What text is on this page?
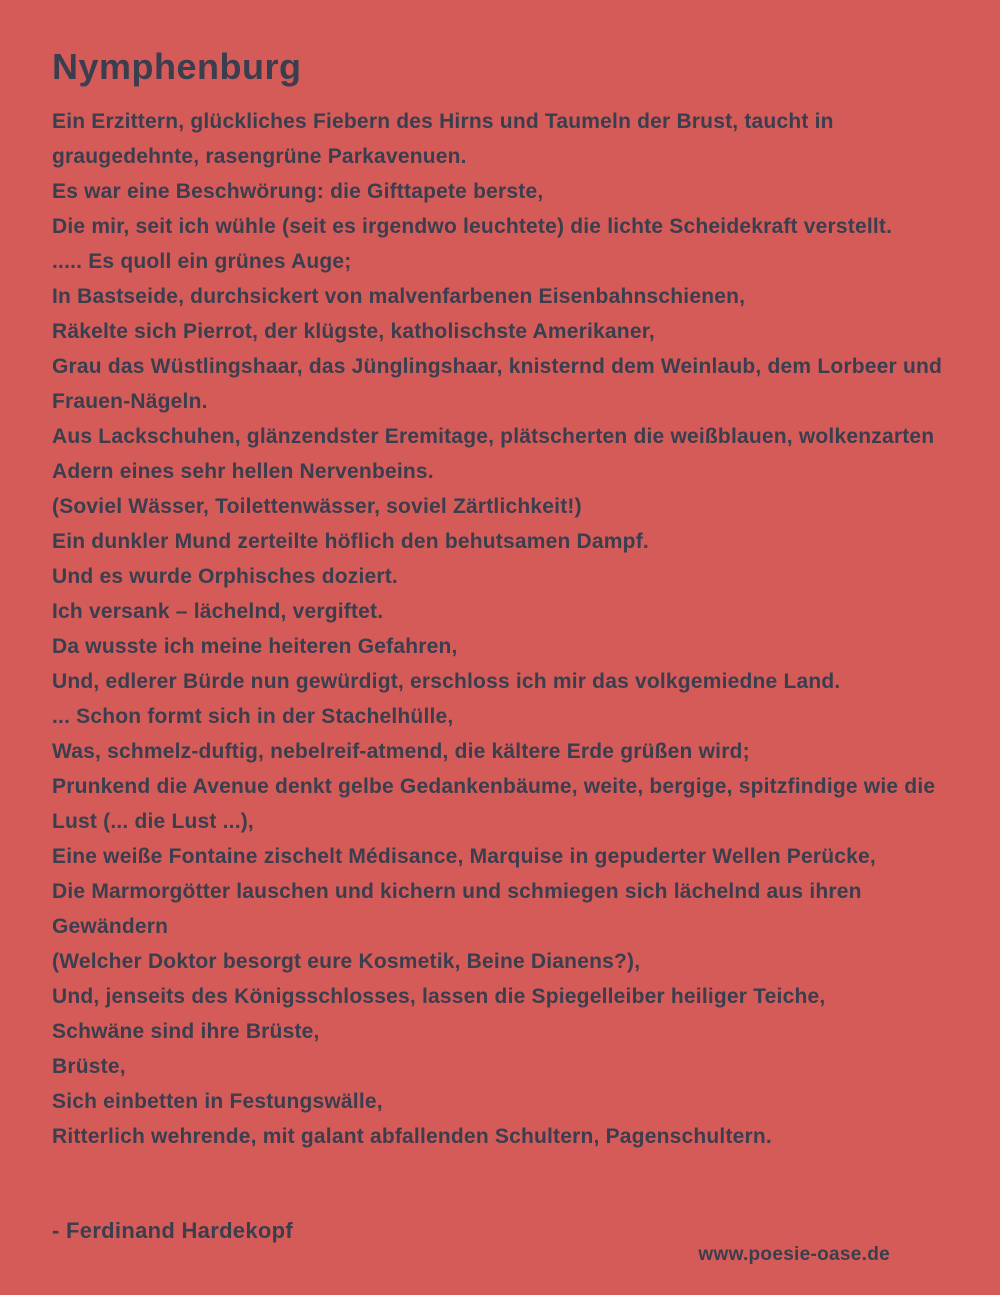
Nymphenburg

Ein Erzittern, glückliches Fiebern des Hirns und Taumeln der Brust, taucht in graugedehnte, rasengrüne Parkavenuen.

Es war eine Beschwörung: die Gifttapete berste,

Die mir, seit ich wühle (seit es irgendwo leuchtete) die lichte Scheidekraft verstellt.

..... Es quoll ein grünes Auge;

In Bastseide, durchsickert von malvenfarbenen Eisenbahnschienen,

Räkelte sich Pierrot, der klügste, katholischste Amerikaner,

Grau das Wüstlingshaar, das Jünglingshaar, knisternd dem Weinlaub, dem Lorbeer und Frauen-Nägeln.

Aus Lackschuhen, glänzendster Eremitage, plätscherten die weißblauen, wolkenzarten Adern eines sehr hellen Nervenbeins.

(Soviel Wässer, Toilettenwässer, soviel Zärtlichkeit!)

Ein dunkler Mund zerteilte höflich den behutsamen Dampf.

Und es wurde Orphisches doziert.

Ich versank – lächelnd, vergiftet.

Da wusste ich meine heiteren Gefahren,

Und, edlerer Bürde nun gewürdigt, erschloss ich mir das volkgemiedne Land.

... Schon formt sich in der Stachelhülle,

Was, schmelz-duftig, nebelreif-atmend, die kältere Erde grüßen wird;

Prunkend die Avenue denkt gelbe Gedankenbäume, weite, bergige, spitzfindige wie die Lust (... die Lust ...),

Eine weiße Fontaine zischelt Médisance, Marquise in gepuderter Wellen Perücke,

Die Marmorgötter lauschen und kichern und schmiegen sich lächelnd aus ihren Gewändern

(Welcher Doktor besorgt eure Kosmetik, Beine Dianens?),

Und, jenseits des Königsschlosses, lassen die Spiegelleiber heiliger Teiche,

Schwäne sind ihre Brüste,

Brüste,

Sich einbetten in Festungswälle,

Ritterlich wehrende, mit galant abfallenden Schultern, Pagenschultern.

- Ferdinand Hardekopf

www.poesie-oase.de
